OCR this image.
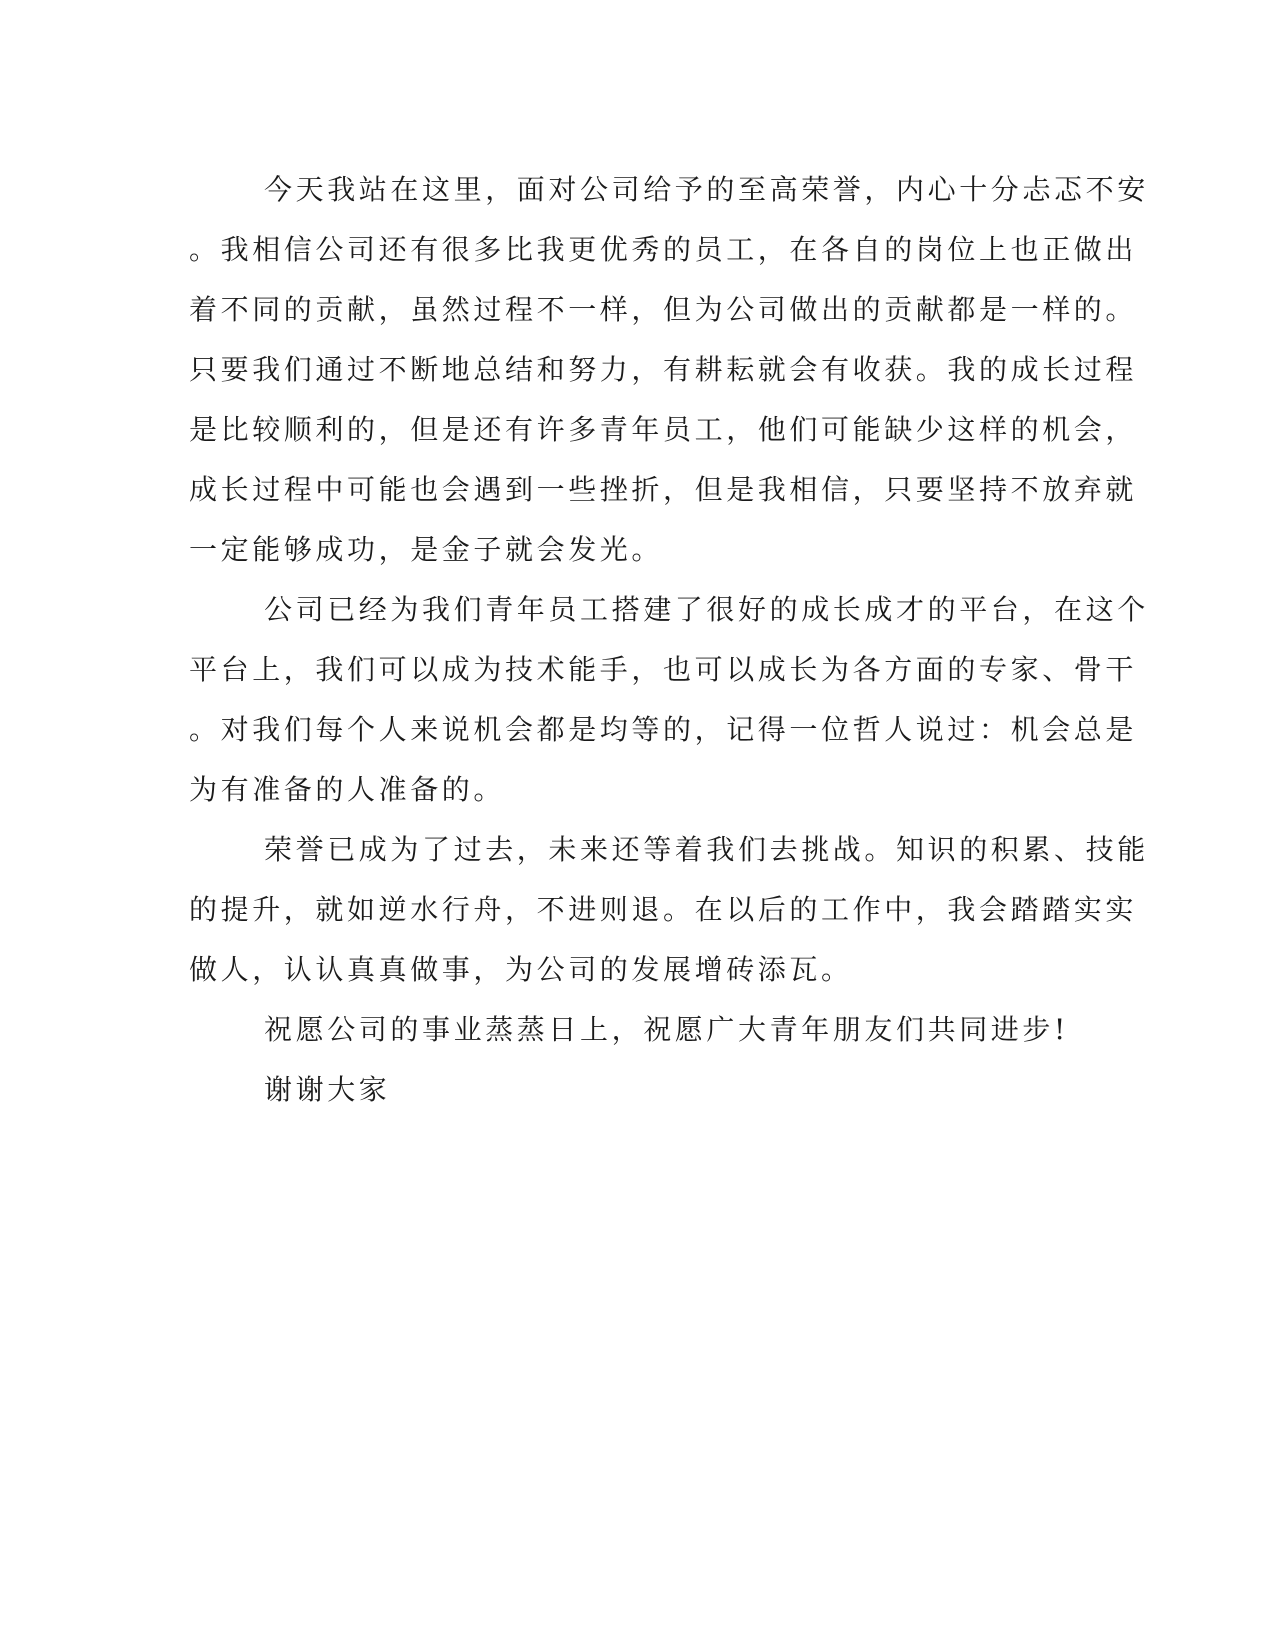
今天我站在这里，面对公司给予的至高荣誉，内心十分忐忑不安
。我相信公司还有很多比我更优秀的员工，在各自的岗位上也正做出
着不同的贡献，虽然过程不一样，但为公司做出的贡献都是一样的。
只要我们通过不断地总结和努力，有耕耘就会有收获。我的成长过程
是比较顺利的，但是还有许多青年员工，他们可能缺少这样的机会，
成长过程中可能也会遇到一些挫折，但是我相信，只要坚持不放弃就
一定能够成功，是金子就会发光。
公司已经为我们青年员工搭建了很好的成长成才的平台，在这个
平台上，我们可以成为技术能手，也可以成长为各方面的专家、骨干
。对我们每个人来说机会都是均等的，记得一位哲人说过：机会总是
为有准备的人准备的。
荣誉已成为了过去，未来还等着我们去挑战。知识的积累、技能
的提升，就如逆水行舟，不进则退。在以后的工作中，我会踏踏实实
做人，认认真真做事，为公司的发展增砖添瓦。
祝愿公司的事业蒸蒸日上，祝愿广大青年朋友们共同进步!
谢谢大家
